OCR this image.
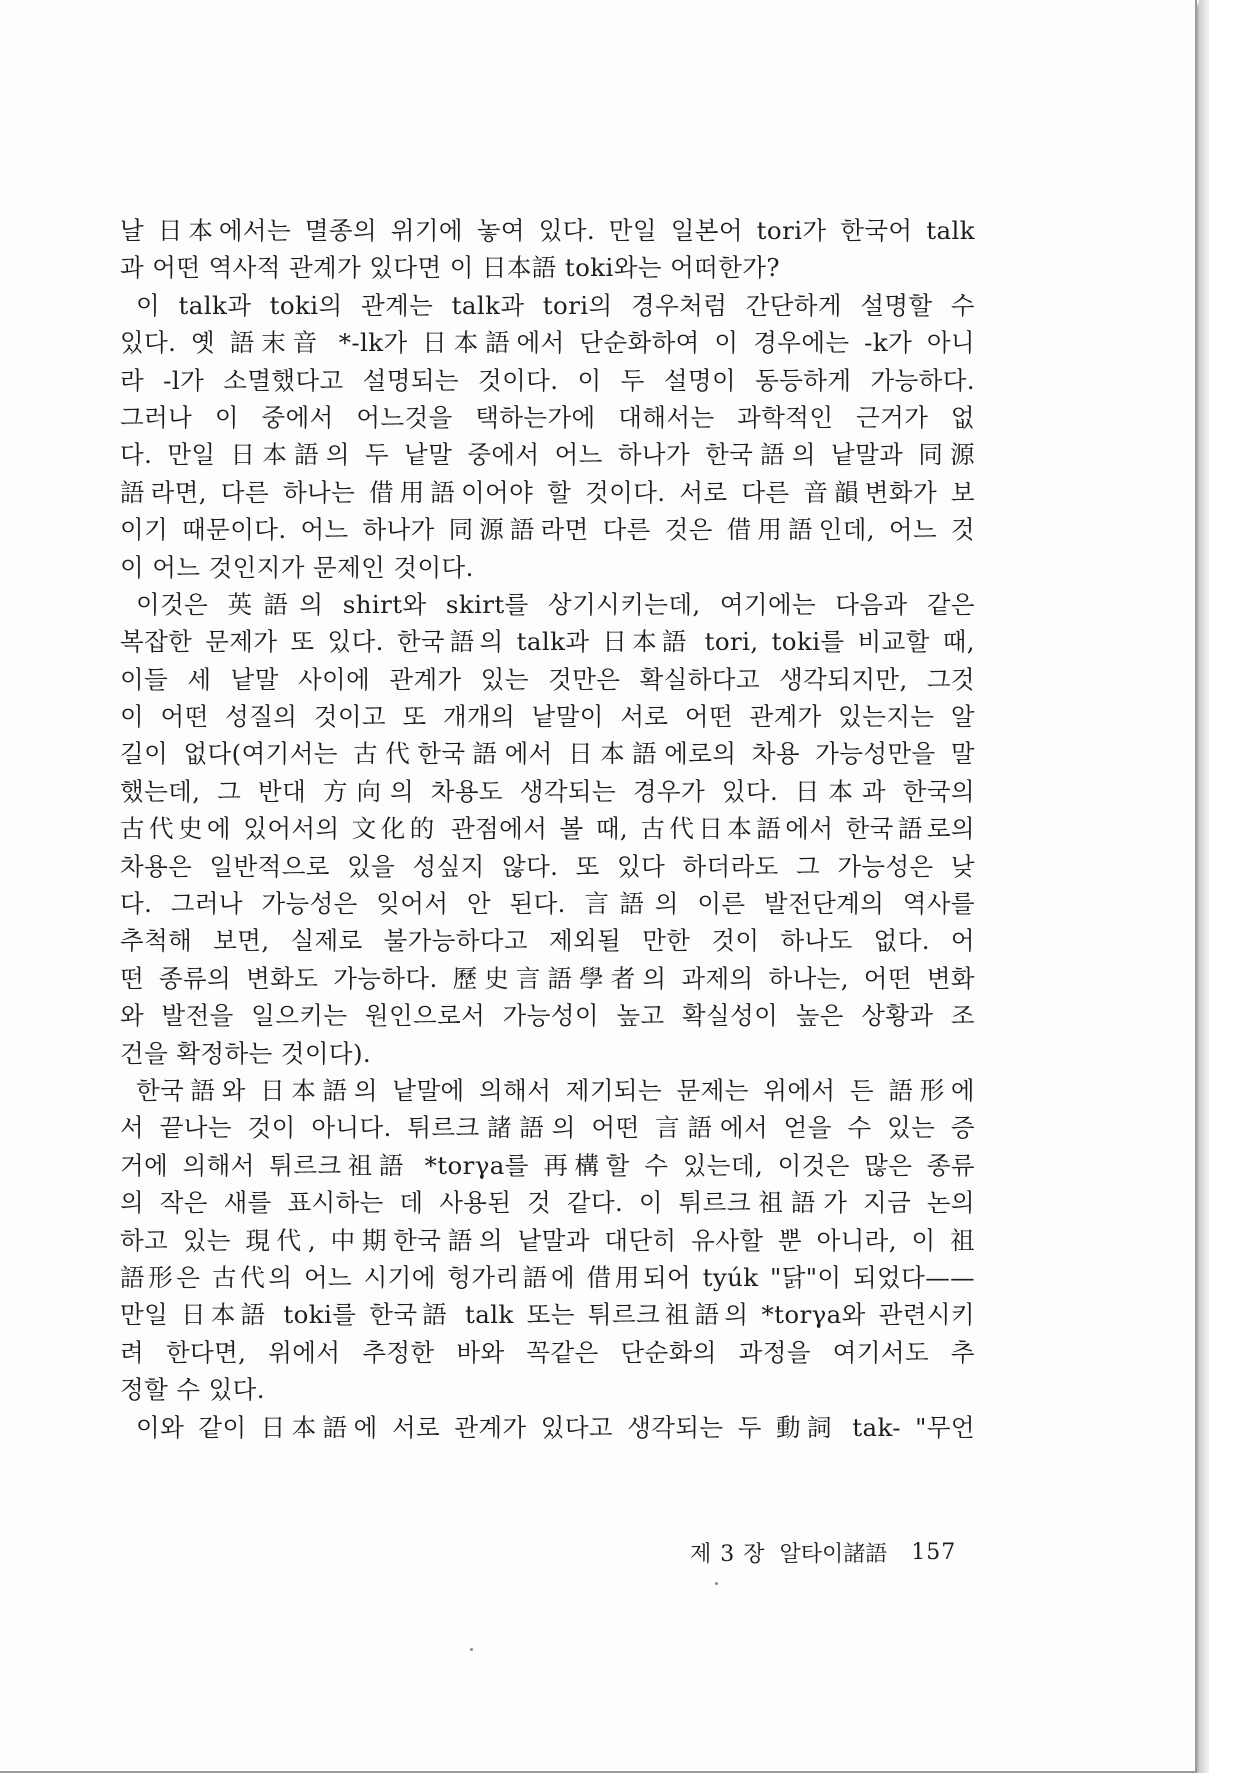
날 日本에서는 멸종의 위기에 놓여 있다. 만일 일본어 tori가 한국어 talk
과 어떤 역사적 관계가 있다면 이 日本語 toki와는 어떠한가?
이 talk과 toki의 관계는 talk과 tori의 경우처럼 간단하게 설명할 수
있다. 옛 語末音 *-lk가 日本語에서 단순화하여 이 경우에는 -k가 아니
라 -l가 소멸했다고 설명되는 것이다. 이 두 설명이 동등하게 가능하다.
그러나 이 중에서 어느것을 택하는가에 대해서는 과학적인 근거가 없
다. 만일 日本語의 두 낱말 중에서 어느 하나가 한국語의 낱말과 同源
語라면, 다른 하나는 借用語이어야 할 것이다. 서로 다른 音韻변화가 보
이기 때문이다. 어느 하나가 同源語라면 다른 것은 借用語인데, 어느 것
이 어느 것인지가 문제인 것이다.
이것은 英語의 shirt와 skirt를 상기시키는데, 여기에는 다음과 같은
복잡한 문제가 또 있다. 한국語의 talk과 日本語 tori, toki를 비교할 때,
이들 세 낱말 사이에 관계가 있는 것만은 확실하다고 생각되지만, 그것
이 어떤 성질의 것이고 또 개개의 낱말이 서로 어떤 관계가 있는지는 알
길이 없다(여기서는 古代한국語에서 日本語에로의 차용 가능성만을 말
했는데, 그 반대 方向의 차용도 생각되는 경우가 있다. 日本과 한국의
古代史에 있어서의 文化的 관점에서 볼 때, 古代日本語에서 한국語로의
차용은 일반적으로 있을 성싶지 않다. 또 있다 하더라도 그 가능성은 낮
다. 그러나 가능성은 잊어서 안 된다. 言語의 이른 발전단계의 역사를
추척해 보면, 실제로 불가능하다고 제외될 만한 것이 하나도 없다. 어
떤 종류의 변화도 가능하다. 歷史言語學者의 과제의 하나는, 어떤 변화
와 발전을 일으키는 원인으로서 가능성이 높고 확실성이 높은 상황과 조
건을 확정하는 것이다).
한국語와 日本語의 낱말에 의해서 제기되는 문제는 위에서 든 語形에
서 끝나는 것이 아니다. 튀르크諸語의 어떤 言語에서 얻을 수 있는 증
거에 의해서 튀르크祖語 *torγa를 再構할 수 있는데, 이것은 많은 종류
의 작은 새를 표시하는 데 사용된 것 같다. 이 튀르크祖語가 지금 논의
하고 있는 現代, 中期한국語의 낱말과 대단히 유사할 뿐 아니라, 이 祖
語形은 古代의 어느 시기에 헝가리語에 借用되어 tyúk "닭"이 되었다——
만일 日本語 toki를 한국語 talk 또는 튀르크祖語의 *torγa와 관련시키
려 한다면, 위에서 추정한 바와 꼭같은 단순화의 과정을 여기서도 추
정할 수 있다.
이와 같이 日本語에 서로 관계가 있다고 생각되는 두 動詞 tak- "무언
제 3 장 알타이諸語 157
